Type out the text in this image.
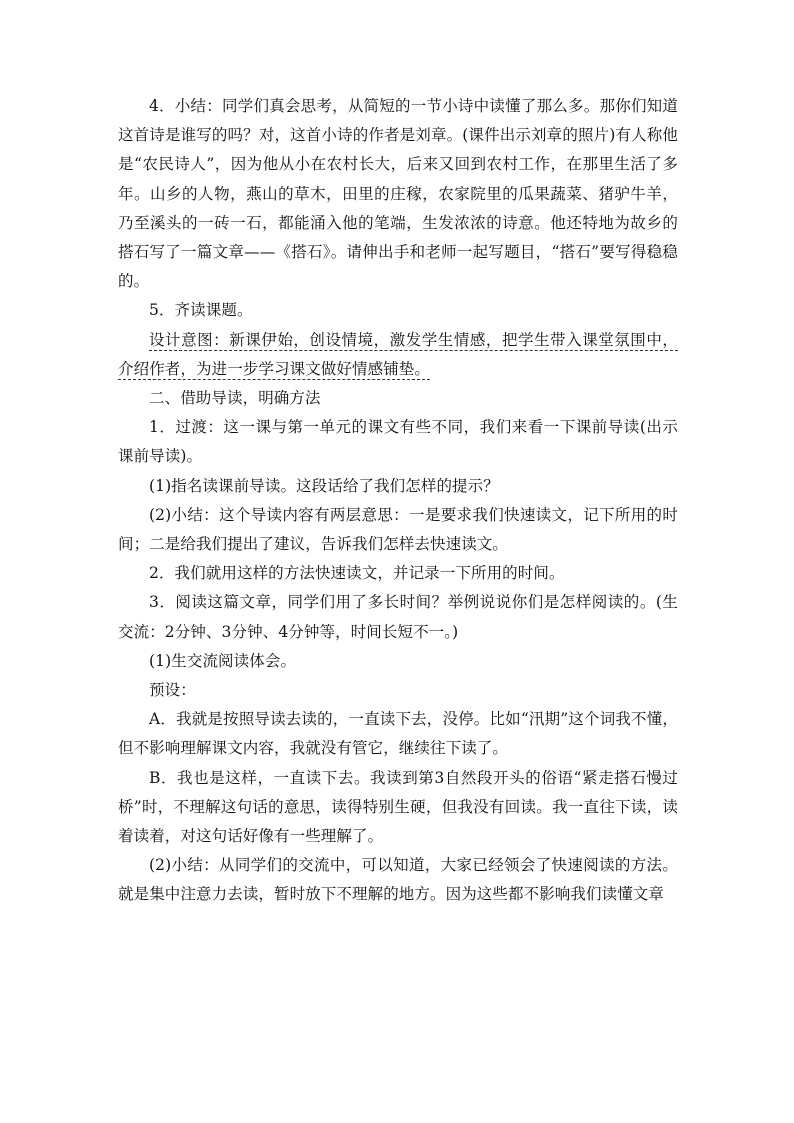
4．小结：同学们真会思考，从简短的一节小诗中读懂了那么多。那你们知道这首诗是谁写的吗？对，这首小诗的作者是刘章。(课件出示刘章的照片)有人称他是“农民诗人”，因为他从小在农村长大，后来又回到农村工作，在那里生活了多年。山乡的人物，燕山的草木，田里的庄稼，农家院里的瓜果蔬菜、猪驴牛羊，乃至溪头的一砖一石，都能涌入他的笔端，生发浓浓的诗意。他还特地为故乡的搭石写了一篇文章——《搭石》。请伸出手和老师一起写题目，“搭石”要写得稳稳的。

5．齐读课题。

设计意图：新课伊始，创设情境，激发学生情感，把学生带入课堂氛围中，介绍作者，为进一步学习课文做好情感铺垫。

二、借助导读，明确方法

1．过渡：这一课与第一单元的课文有些不同，我们来看一下课前导读(出示课前导读)。

(1)指名读课前导读。这段话给了我们怎样的提示？

(2)小结：这个导读内容有两层意思：一是要求我们快速读文，记下所用的时间；二是给我们提出了建议，告诉我们怎样去快速读文。

2．我们就用这样的方法快速读文，并记录一下所用的时间。

3．阅读这篇文章，同学们用了多长时间？举例说说你们是怎样阅读的。(生交流：2分钟、3分钟、4分钟等，时间长短不一。)

(1)生交流阅读体会。

预设：

A．我就是按照导读去读的，一直读下去，没停。比如“汛期”这个词我不懂，但不影响理解课文内容，我就没有管它，继续往下读了。

B．我也是这样，一直读下去。我读到第3自然段开头的俗语“紧走搭石慢过桥”时，不理解这句话的意思，读得特别生硬，但我没有回读。我一直往下读，读着读着，对这句话好像有一些理解了。

(2)小结：从同学们的交流中，可以知道，大家已经领会了快速阅读的方法。就是集中注意力去读，暂时放下不理解的地方。因为这些都不影响我们读懂文章
